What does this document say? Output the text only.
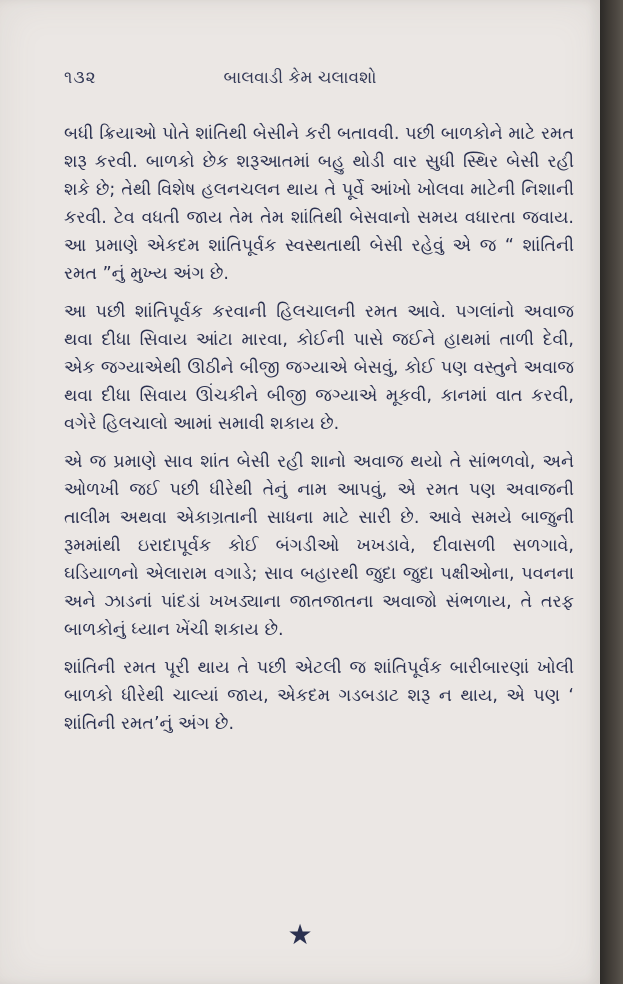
૧૩૨	બાલવાડી કેમ ચલાવશો

બધી ક્રિયાઓ પોતે શાંતિથી બેસીને કરી બતાવવી. પછી બાળકોને માટે રમત શરૂ કરવી. બાળકો છેક શરૂઆતમાં બહુ થોડી વાર સુધી સ્થિર બેસી રહી શકે છે; તેથી વિશેષ હલનચલન થાય તે પૂર્વે આંખો ખોલવા માટેની નિશાની કરવી. ટેવ વધતી જાય તેમ તેમ શાંતિથી બેસવાનો સમય વધારતા જવાય. આ પ્રમાણે એકદમ શાંતિપૂર્વક સ્વસ્થતાથી બેસી રહેવું એ જ “ શાંતિની રમત ”નું મુખ્ય અંગ છે.

આ પછી શાંતિપૂર્વક કરવાની હિલચાલની રમત આવે. પગલાંનો અવાજ થવા દીધા સિવાય આંટા મારવા, કોઈની પાસે જઈને હાથમાં તાળી દેવી, એક જગ્યાએથી ઊઠીને બીજી જગ્યાએ બેસવું, કોઈ પણ વસ્તુને અવાજ થવા દીધા સિવાય ઊંચકીને બીજી જગ્યાએ મૂકવી, કાનમાં વાત કરવી, વગેરે હિલચાલો આમાં સમાવી શકાય છે.

એ જ પ્રમાણે સાવ શાંત બેસી રહી શાનો અવાજ થયો તે સાંભળવો, અને ઓળખી જઈ પછી ધીરેથી તેનું નામ આપવું, એ રમત પણ અવાજની તાલીમ અથવા એકાગ્રતાની સાધના માટે સારી છે. આવે સમયે બાજુની રૂમમાંથી ઇરાદાપૂર્વક કોઈ બંગડીઓ ખખડાવે, દીવાસળી સળગાવે, ઘડિયાળનો એલારામ વગાડે; સાવ બહારથી જુદા જુદા પક્ષીઓના, પવનના અને ઝાડનાં પાંદડાં ખખડ્યાના જાતજાતના અવાજો સંભળાય, તે તરફ બાળકોનું ધ્યાન ખેંચી શકાય છે.

શાંતિની રમત પૂરી થાય તે પછી એટલી જ શાંતિપૂર્વક બારીબારણાં ખોલી બાળકો ધીરેથી ચાલ્યાં જાય, એકદમ ગડબડાટ શરૂ ન થાય, એ પણ ‘ શાંતિની રમત’નું અંગ છે.

★
